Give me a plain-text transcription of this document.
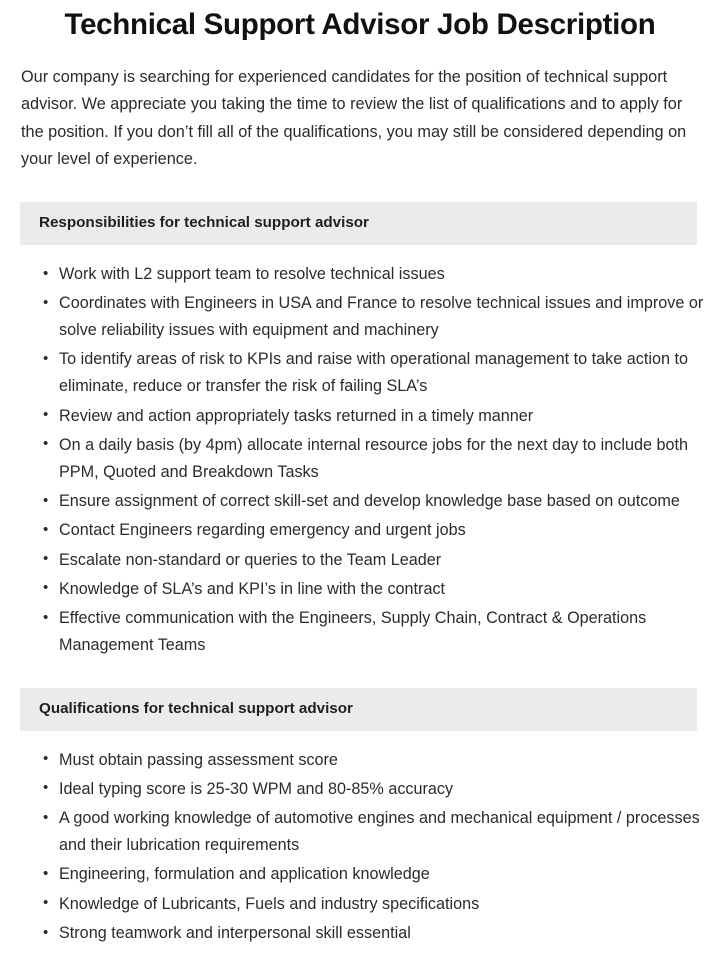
Technical Support Advisor Job Description

Our company is searching for experienced candidates for the position of technical support advisor. We appreciate you taking the time to review the list of qualifications and to apply for the position. If you don’t fill all of the qualifications, you may still be considered depending on your level of experience.

Responsibilities for technical support advisor
• Work with L2 support team to resolve technical issues
• Coordinates with Engineers in USA and France to resolve technical issues and improve or solve reliability issues with equipment and machinery
• To identify areas of risk to KPIs and raise with operational management to take action to eliminate, reduce or transfer the risk of failing SLA’s
• Review and action appropriately tasks returned in a timely manner
• On a daily basis (by 4pm) allocate internal resource jobs for the next day to include both PPM, Quoted and Breakdown Tasks
• Ensure assignment of correct skill-set and develop knowledge base based on outcome
• Contact Engineers regarding emergency and urgent jobs
• Escalate non-standard or queries to the Team Leader
• Knowledge of SLA’s and KPI’s in line with the contract
• Effective communication with the Engineers, Supply Chain, Contract & Operations Management Teams
Qualifications for technical support advisor
• Must obtain passing assessment score
• Ideal typing score is 25-30 WPM and 80-85% accuracy
• A good working knowledge of automotive engines and mechanical equipment / processes and their lubrication requirements
• Engineering, formulation and application knowledge
• Knowledge of Lubricants, Fuels and industry specifications
• Strong teamwork and interpersonal skill essential
